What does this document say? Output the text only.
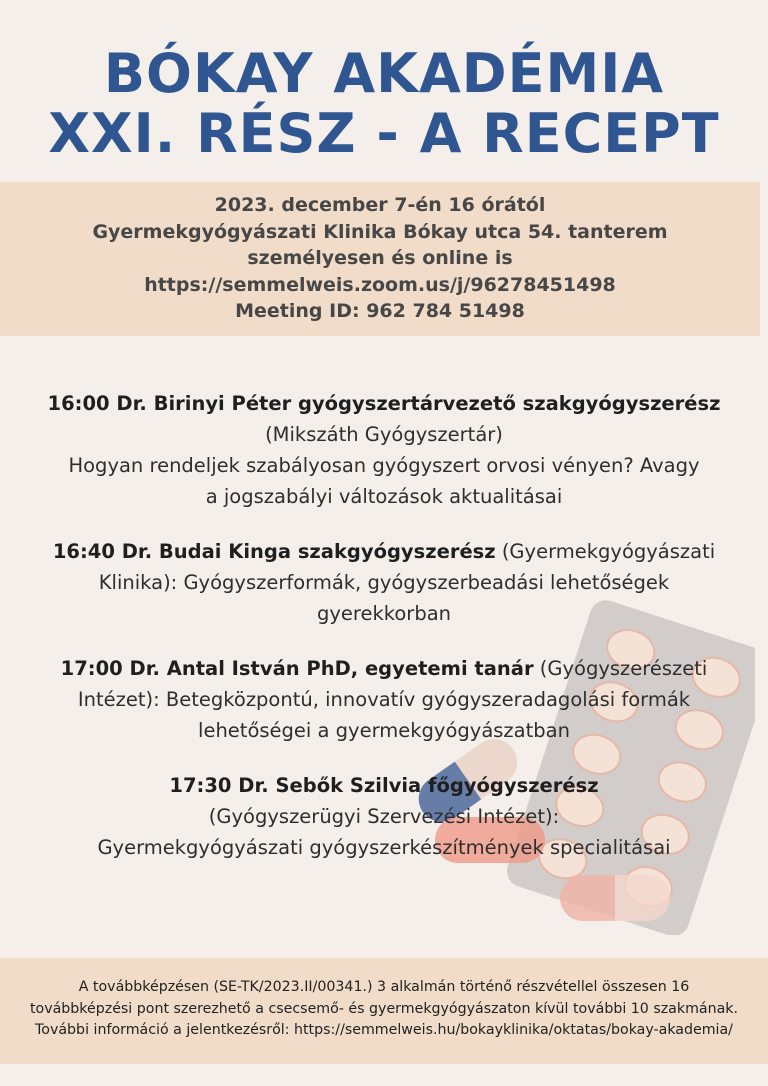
BÓKAY AKADÉMIA
XXI. RÉSZ - A RECEPT
2023. december 7-én 16 órától
Gyermekgyógyászati Klinika Bókay utca 54. tanterem
személyesen és online is
https://semmelweis.zoom.us/j/96278451498
Meeting ID: 962 784 51498
16:00 Dr. Birinyi Péter gyógyszertárvezető szakgyógyszerész
(Mikszáth Gyógyszertár)
Hogyan rendeljek szabályosan gyógyszert orvosi vényen? Avagy
a jogszabályi változások aktualitásai
16:40 Dr. Budai Kinga szakgyógyszerész (Gyermekgyógyászati
Klinika): Gyógyszerformák, gyógyszerbeadási lehetőségek
gyerekkorban
17:00 Dr. Antal István PhD, egyetemi tanár (Gyógyszerészeti
Intézet): Betegközpontú, innovatív gyógyszeradagolási formák
lehetőségei a gyermekgyógyászatban
17:30 Dr. Sebők Szilvia főgyógyszerész
(Gyógyszerügyi Szervezési Intézet):
Gyermekgyógyászati gyógyszerkészítmények specialitásai
A továbbképzésen (SE-TK/2023.II/00341.) 3 alkalmán történő részvétellel összesen 16
továbbképzési pont szerezhető a csecsemő- és gyermekgyógyászaton kívül további 10 szakmának.
További információ a jelentkezésről: https://semmelweis.hu/bokayklinika/oktatas/bokay-akademia/
